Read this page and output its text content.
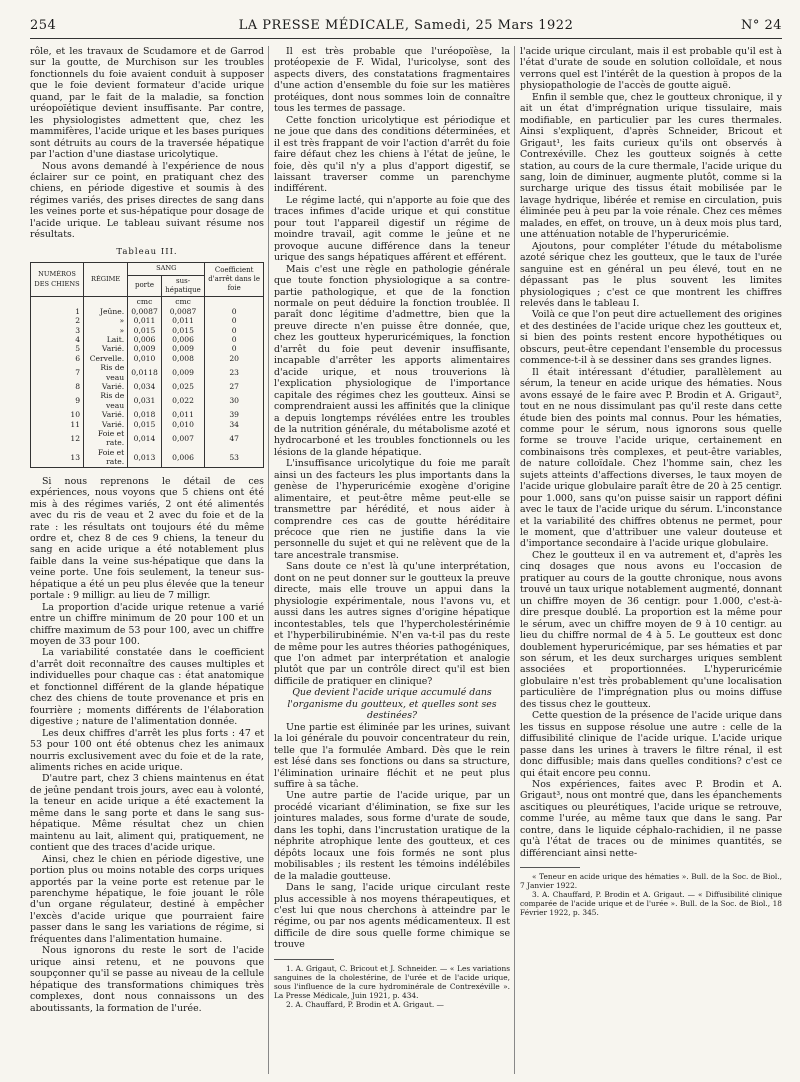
254	LA PRESSE MÉDICALE, Samedi, 25 Mars 1922	N° 24

rôle, et les travaux de Scudamore et de Garrod sur la goutte, de Murchison sur les troubles fonctionnels du foie avaient conduit à supposer que le foie devient formateur d'acide urique quand, par le fait de la maladie, sa fonction uréopoïétique devient insuffisante. Par contre, les physiologistes admettent que, chez les mammifères, l'acide urique et les bases puriques sont détruits au cours de la traversée hépatique par l'action d'une diastase uricolytique.

Nous avons demandé à l'expérience de nous éclairer sur ce point, en pratiquant chez des chiens, en période digestive et soumis à des régimes variés, des prises directes de sang dans les veines porte et sus-hépatique pour dosage de l'acide urique. Le tableau suivant résume nos résultats.

Tableau III.
NUMÉROS DES CHIENS	RÉGIME	SANG		Coefficient d'arrêt dans le foie
		porte	sus-hépatique	
		cmc	cmc	
1	Jeûne.	0,0087	0,0087	0
2	»	0,011	0,011	0
3	»	0,015	0,015	0
4	Lait.	0,006	0,006	0
5	Varié.	0,009	0,009	0
6	Cervelle.	0,010	0,008	20
7	Ris de veau	0,0118	0,009	23
8	Varié.	0,034	0,025	27
9	Ris de veau	0,031	0,022	30
10	Varié.	0,018	0,011	39
11	Varié.	0,015	0,010	34
12	Foie et rate.	0,014	0,007	47
13	Foie et rate.	0,013	0,006	53

Si nous reprenons le détail de ces expériences, nous voyons que 5 chiens ont été mis à des régimes variés, 2 ont été alimentés avec du ris de veau et 2 avec du foie et de la rate : les résultats ont toujours été du même ordre et, chez 8 de ces 9 chiens, la teneur du sang en acide urique a été notablement plus faible dans la veine sus-hépatique que dans la veine porte. Une fois seulement, la teneur sus-hépatique a été un peu plus élevée que la teneur portale : 9 milligr. au lieu de 7 milligr.

La proportion d'acide urique retenue a varié entre un chiffre minimum de 20 pour 100 et un chiffre maximum de 53 pour 100, avec un chiffre moyen de 33 pour 100.

La variabilité constatée dans le coefficient d'arrêt doit reconnaître des causes multiples et individuelles pour chaque cas : état anatomique et fonctionnel différent de la glande hépatique chez des chiens de toute provenance et pris en fourrière ; moments différents de l'élaboration digestive ; nature de l'alimentation donnée.

Les deux chiffres d'arrêt les plus forts : 47 et 53 pour 100 ont été obtenus chez les animaux nourris exclusivement avec du foie et de la rate, aliments riches en acide urique.

D'autre part, chez 3 chiens maintenus en état de jeûne pendant trois jours, avec eau à volonté, la teneur en acide urique a été exactement la même dans le sang porte et dans le sang sus-hépatique. Même résultat chez un chien maintenu au lait, aliment qui, pratiquement, ne contient que des traces d'acide urique.

Ainsi, chez le chien en période digestive, une portion plus ou moins notable des corps uriques apportés par la veine porte est retenue par le parenchyme hépatique, le foie jouant le rôle d'un organe régulateur, destiné à empêcher l'excès d'acide urique que pourraient faire passer dans le sang les variations de régime, si fréquentes dans l'alimentation humaine.

Nous ignorons du reste le sort de l'acide urique ainsi retenu, et ne pouvons que soupçonner qu'il se passe au niveau de la cellule hépatique des transformations chimiques très complexes, dont nous connaissons un des aboutissants, la formation de l'urée.

Il est très probable que l'uréopoïèse, la protéopexie de F. Widal, l'uricolyse, sont des aspects divers, des constatations fragmentaires d'une action d'ensemble du foie sur les matières protéiques, dont nous sommes loin de connaître tous les termes de passage.

Cette fonction uricolytique est périodique et ne joue que dans des conditions déterminées, et il est très frappant de voir l'action d'arrêt du foie faire défaut chez les chiens à l'état de jeûne, le foie, dès qu'il n'y a plus d'apport digestif, se laissant traverser comme un parenchyme indifférent.

Le régime lacté, qui n'apporte au foie que des traces infimes d'acide urique et qui constitue pour tout l'appareil digestif un régime de moindre travail, agit comme le jeûne et ne provoque aucune différence dans la teneur urique des sangs hépatiques afférent et efférent.

Mais c'est une règle en pathologie générale que toute fonction physiologique a sa contre-partie pathologique, et que de la fonction normale on peut déduire la fonction troublée. Il paraît donc légitime d'admettre, bien que la preuve directe n'en puisse être donnée, que, chez les goutteux hyperuricémiques, la fonction d'arrêt du foie peut devenir insuffisante, incapable d'arrêter les apports alimentaires d'acide urique, et nous trouverions là l'explication physiologique de l'importance capitale des régimes chez les goutteux. Ainsi se comprendraient aussi les affinités que la clinique a depuis longtemps révélées entre les troubles de la nutrition générale, du métabolisme azoté et hydrocarboné et les troubles fonctionnels ou les lésions de la glande hépatique.

L'insuffisance uricolytique du foie me paraît ainsi un des facteurs les plus importants dans la genèse de l'hyperuricémie exogène d'origine alimentaire, et peut-être même peut-elle se transmettre par hérédité, et nous aider à comprendre ces cas de goutte héréditaire précoce que rien ne justifie dans la vie personnelle du sujet et qui ne relèvent que de la tare ancestrale transmise.

Sans doute ce n'est là qu'une interprétation, dont on ne peut donner sur le goutteux la preuve directe, mais elle trouve un appui dans la physiologie expérimentale, nous l'avons vu, et aussi dans les autres signes d'origine hépatique incontestables, tels que l'hypercholestérinémie et l'hyperbilirubinémie. N'en va-t-il pas du reste de même pour les autres théories pathogéniques, que l'on admet par interprétation et analogie plutôt que par un contrôle direct qu'il est bien difficile de pratiquer en clinique?

Que devient l'acide urique accumulé dans l'organisme du goutteux, et quelles sont ses destinées?

Une partie est éliminée par les urines, suivant la loi générale du pouvoir concentrateur du rein, telle que l'a formulée Ambard. Dès que le rein est lésé dans ses fonctions ou dans sa structure, l'élimination urinaire fléchit et ne peut plus suffire à sa tâche.

Une autre partie de l'acide urique, par un procédé vicariant d'élimination, se fixe sur les jointures malades, sous forme d'urate de soude, dans les tophi, dans l'incrustation uratique de la néphrite atrophique lente des goutteux, et ces dépôts locaux une fois formés ne sont plus mobilisables ; ils restent les témoins indélébiles de la maladie goutteuse.

Dans le sang, l'acide urique circulant reste plus accessible à nos moyens thérapeutiques, et c'est lui que nous cherchons à atteindre par le régime, ou par nos agents médicamenteux. Il est difficile de dire sous quelle forme chimique se trouve

1. A. Grigaut, C. Bricout et J. Schneider. — « Les variations sanguines de la cholestérine, de l'urée et de l'acide urique, sous l'influence de la cure hydrominérale de Contrexéville ». La Presse Médicale, Juin 1921, p. 434.

2. A. Chauffard, P. Brodin et A. Grigaut. —

l'acide urique circulant, mais il est probable qu'il est à l'état d'urate de soude en solution colloïdale, et nous verrons quel est l'intérêt de la question à propos de la physiopathologie de l'accès de goutte aiguë.

Enfin il semble que, chez le goutteux chronique, il y ait un état d'imprégnation urique tissulaire, mais modifiable, en particulier par les cures thermales. Ainsi s'expliquent, d'après Schneider, Bricout et Grigaut¹, les faits curieux qu'ils ont observés à Contrexéville. Chez les goutteux soignés à cette station, au cours de la cure thermale, l'acide urique du sang, loin de diminuer, augmente plutôt, comme si la surcharge urique des tissus était mobilisée par le lavage hydrique, libérée et remise en circulation, puis éliminée peu à peu par la voie rénale. Chez ces mêmes malades, en effet, on trouve, un à deux mois plus tard, une atténuation notable de l'hyperuricémie.

Ajoutons, pour compléter l'étude du métabolisme azoté sérique chez les goutteux, que le taux de l'urée sanguine est en général un peu élevé, tout en ne dépassant pas le plus souvent les limites physiologiques ; c'est ce que montrent les chiffres relevés dans le tableau I.

Voilà ce que l'on peut dire actuellement des origines et des destinées de l'acide urique chez les goutteux et, si bien des points restent encore hypothétiques ou obscurs, peut-être cependant l'ensemble du processus commence-t-il à se dessiner dans ses grandes lignes.

Il était intéressant d'étudier, parallèlement au sérum, la teneur en acide urique des hématies. Nous avons essayé de le faire avec P. Brodin et A. Grigaut², tout en ne nous dissimulant pas qu'il reste dans cette étude bien des points mal connus. Pour les hématies, comme pour le sérum, nous ignorons sous quelle forme se trouve l'acide urique, certainement en combinaisons très complexes, et peut-être variables, de nature colloïdale. Chez l'homme sain, chez les sujets atteints d'affections diverses, le taux moyen de l'acide urique globulaire paraît être de 20 à 25 centigr. pour 1.000, sans qu'on puisse saisir un rapport défini avec le taux de l'acide urique du sérum. L'inconstance et la variabilité des chiffres obtenus ne permet, pour le moment, que d'attribuer une valeur douteuse et d'importance secondaire à l'acide urique globulaire.

Chez le goutteux il en va autrement et, d'après les cinq dosages que nous avons eu l'occasion de pratiquer au cours de la goutte chronique, nous avons trouvé un taux urique notablement augmenté, donnant un chiffre moyen de 36 centigr. pour 1.000, c'est-à-dire presque doublé. La proportion est la même pour le sérum, avec un chiffre moyen de 9 à 10 centigr. au lieu du chiffre normal de 4 à 5. Le goutteux est donc doublement hyperuricémique, par ses hématies et par son sérum, et les deux surcharges uriques semblent associées et proportionnées. L'hyperuricémie globulaire n'est très probablement qu'une localisation particulière de l'imprégnation plus ou moins diffuse des tissus chez le goutteux.

Cette question de la présence de l'acide urique dans les tissus en suppose résolue une autre : celle de la diffusibilité clinique de l'acide urique. L'acide urique passe dans les urines à travers le filtre rénal, il est donc diffusible; mais dans quelles conditions? c'est ce qui était encore peu connu.

Nos expériences, faites avec P. Brodin et A. Grigaut³, nous ont montré que, dans les épanchements ascitiques ou pleurétiques, l'acide urique se retrouve, comme l'urée, au même taux que dans le sang. Par contre, dans le liquide céphalo-rachidien, il ne passe qu'à l'état de traces ou de minimes quantités, se différenciant ainsi nette-

« Teneur en acide urique des hématies ». Bull. de la Soc. de Biol., 7 Janvier 1922.

3. A. Chauffard, P. Brodin et A. Grigaut. — « Diffusibilité clinique comparée de l'acide urique et de l'urée ». Bull. de la Soc. de Biol., 18 Février 1922, p. 345.
